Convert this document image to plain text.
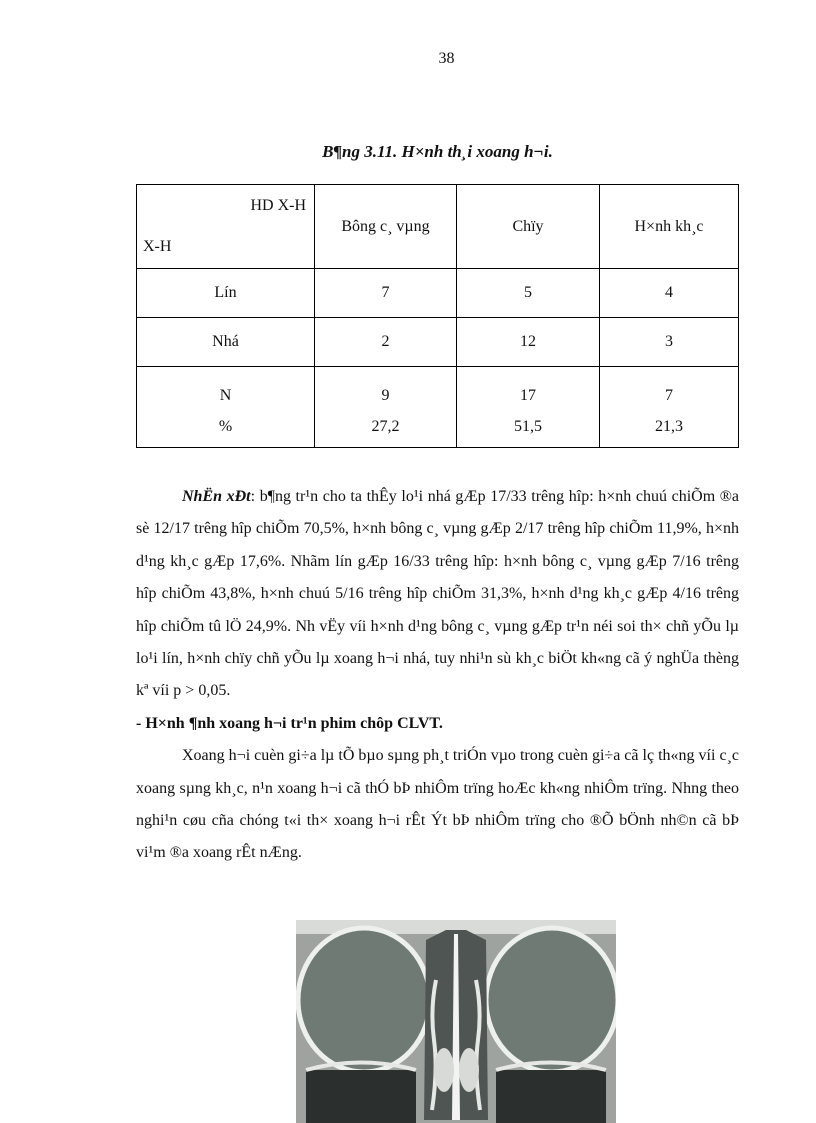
38
B¶ng 3.11. H×nh th¸i xoang h¬i.
HD X-H
X-H	Bông c¸ vµng	Chïy	H×nh kh¸c
Lín	7	5	4
Nhá	2	12	3
N	9	17	7
%	27,2	51,5	21,3

NhËn xÐt: b¶ng tr¹n cho ta thÊy lo¹i nhá gÆp 17/33 trêng hîp: h×nh chuú chiÕm ®a sè 12/17 trêng hîp chiÕm 70,5%, h×nh bông c¸ vµng gÆp 2/17 trêng hîp chiÕm 11,9%, h×nh d¹ng kh¸c gÆp 17,6%. Nhãm lín gÆp 16/33 trêng hîp: h×nh bông c¸ vµng gÆp 7/16 trêng hîp chiÕm 43,8%, h×nh chuú 5/16 trêng hîp chiÕm 31,3%, h×nh d¹ng kh¸c gÆp 4/16 trêng hîp chiÕm tû lÖ 24,9%. Nh vËy víi h×nh d¹ng bông c¸ vµng gÆp tr¹n néi soi th× chñ yÕu lµ lo¹i lín, h×nh chïy chñ yÕu lµ xoang h¬i nhá, tuy nhi¹n sù kh¸c biÖt kh«ng cã ý nghÜa thèng kª víi p > 0,05.

- H×nh ¶nh xoang h¬i tr¹n phim chôp CLVT.

Xoang h¬i cuèn gi÷a lµ tÕ bµo sµng ph¸t triÓn vµo trong cuèn gi÷a cã lç th«ng víi c¸c xoang sµng kh¸c, n¹n xoang h¬i cã thÓ bÞ nhiÔm trïng hoÆc kh«ng nhiÔm trïng. Nhng theo nghi¹n cøu cña chóng t«i th× xoang h¬i rÊt Ýt bÞ nhiÔm trïng cho ®Õ bÖnh nh©n cã bÞ vi¹m ®a xoang rÊt nÆng.
